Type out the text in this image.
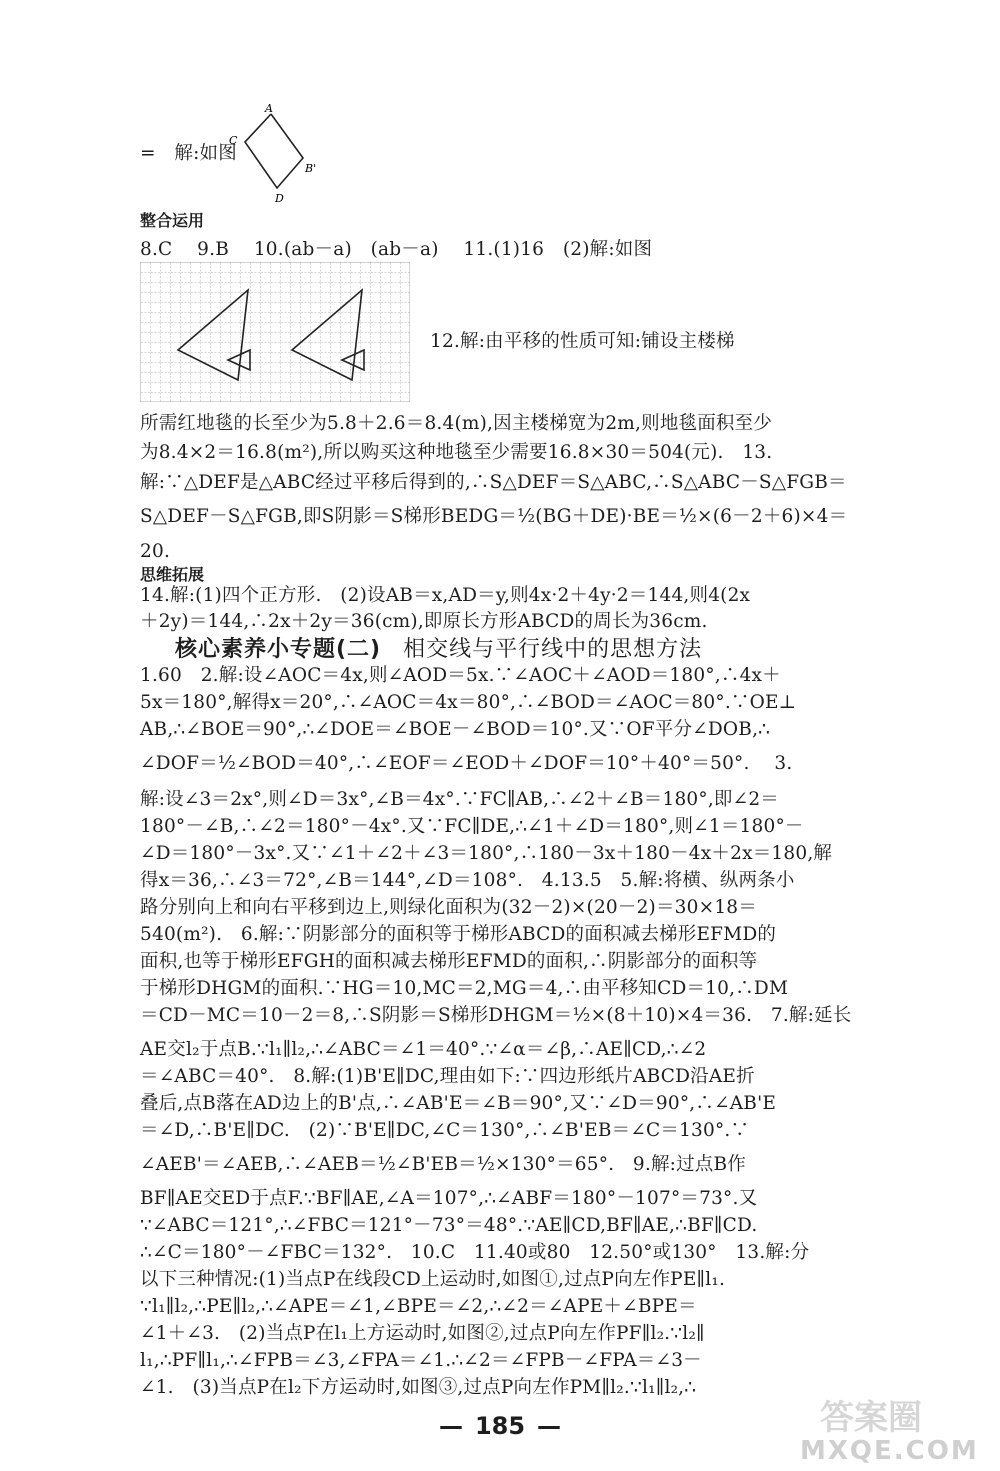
=　解:如图
A
C
B'
D
整合运用
8.C　 9.B　 10.(ab－a)　(ab－a)　 11.(1)16　(2)解:如图
12.解:由平移的性质可知:铺设主楼梯
所需红地毯的长至少为5.8＋2.6＝8.4(m),因主楼梯宽为2m,则地毯面积至少
为8.4×2＝16.8(m²),所以购买这种地毯至少需要16.8×30＝504(元).　13.
解:∵△DEF是△ABC经过平移后得到的,∴S△DEF＝S△ABC,∴S△ABC－S△FGB＝
S△DEF－S△FGB,即S阴影＝S梯形BEDG＝½(BG＋DE)·BE＝½×(6－2＋6)×4＝
20.
思维拓展
14.解:(1)四个正方形.　(2)设AB＝x,AD＝y,则4x·2＋4y·2＝144,则4(2x
＋2y)＝144,∴2x＋2y＝36(cm),即原长方形ABCD的周长为36cm.
核心素养小专题(二) 相交线与平行线中的思想方法
1.60　2.解:设∠AOC＝4x,则∠AOD＝5x.∵∠AOC＋∠AOD＝180°,∴4x＋
5x＝180°,解得x＝20°,∴∠AOC＝4x＝80°,∴∠BOD＝∠AOC＝80°.∵OE⊥
AB,∴∠BOE＝90°,∴∠DOE＝∠BOE－∠BOD＝10°.又∵OF平分∠DOB,∴
∠DOF＝½∠BOD＝40°,∴∠EOF＝∠EOD＋∠DOF＝10°＋40°＝50°.　 3.
解:设∠3＝2x°,则∠D＝3x°,∠B＝4x°.∵FC∥AB,∴∠2＋∠B＝180°,即∠2＝
180°－∠B,∴∠2＝180°－4x°.又∵FC∥DE,∴∠1＋∠D＝180°,则∠1＝180°－
∠D＝180°－3x°.又∵∠1＋∠2＋∠3＝180°,∴180－3x＋180－4x＋2x＝180,解
得x＝36,∴∠3＝72°,∠B＝144°,∠D＝108°.　4.13.5　5.解:将横、纵两条小
路分别向上和向右平移到边上,则绿化面积为(32－2)×(20－2)＝30×18＝
540(m²).　6.解:∵阴影部分的面积等于梯形ABCD的面积减去梯形EFMD的
面积,也等于梯形EFGH的面积减去梯形EFMD的面积,∴阴影部分的面积等
于梯形DHGM的面积.∵HG＝10,MC＝2,MG＝4,∴由平移知CD＝10,∴DM
＝CD－MC＝10－2＝8,∴S阴影＝S梯形DHGM＝½×(8＋10)×4＝36.　7.解:延长
AE交l₂于点B.∵l₁∥l₂,∴∠ABC＝∠1＝40°.∵∠α＝∠β,∴AE∥CD,∴∠2
＝∠ABC＝40°.　8.解:(1)B'E∥DC,理由如下:∵四边形纸片ABCD沿AE折
叠后,点B落在AD边上的B'点,∴∠AB'E＝∠B＝90°,又∵∠D＝90°,∴∠AB'E
＝∠D,∴B'E∥DC.　(2)∵B'E∥DC,∠C＝130°,∴∠B'EB＝∠C＝130°.∵
∠AEB'＝∠AEB,∴∠AEB＝½∠B'EB＝½×130°＝65°.　9.解:过点B作
BF∥AE交ED于点F.∵BF∥AE,∠A＝107°,∴∠ABF＝180°－107°＝73°.又
∵∠ABC＝121°,∴∠FBC＝121°－73°＝48°.∵AE∥CD,BF∥AE,∴BF∥CD.
∴∠C＝180°－∠FBC＝132°.　10.C　11.40或80　12.50°或130°　13.解:分
以下三种情况:(1)当点P在线段CD上运动时,如图①,过点P向左作PE∥l₁.
∵l₁∥l₂,∴PE∥l₂,∴∠APE＝∠1,∠BPE＝∠2,∴∠2＝∠APE＋∠BPE＝
∠1＋∠3.　(2)当点P在l₁上方运动时,如图②,过点P向左作PF∥l₂.∵l₂∥
l₁,∴PF∥l₁,∴∠FPB＝∠3,∠FPA＝∠1.∴∠2＝∠FPB－∠FPA＝∠3－
∠1.　(3)当点P在l₂下方运动时,如图③,过点P向左作PM∥l₂.∵l₁∥l₂,∴
— 185 —	答案圈
MXQE.COM
